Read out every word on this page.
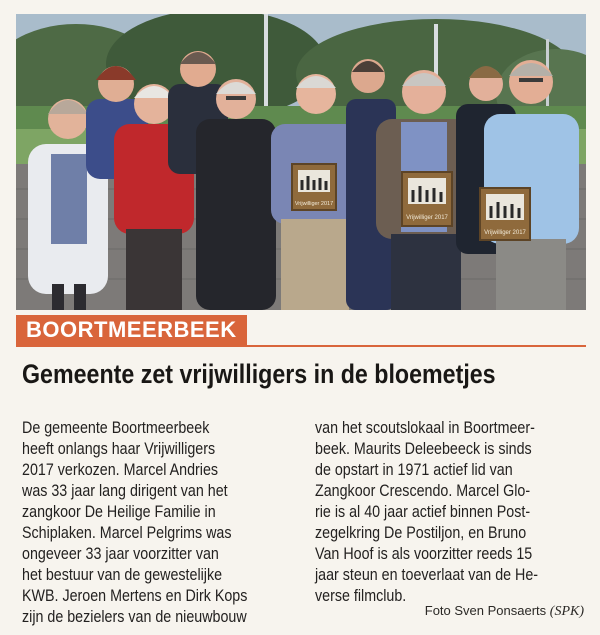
Vrijwilliger 2017
Vrijwilliger 2017
Vrijwilliger 2017
BOORTMEERBEEK
Gemeente zet vrijwilligers in de bloemetjes
De gemeente Boortmeerbeek
heeft onlangs haar Vrijwilligers
2017 verkozen. Marcel Andries
was 33 jaar lang dirigent van het
zangkoor De Heilige Familie in
Schiplaken. Marcel Pelgrims was
ongeveer 33 jaar voorzitter van
het bestuur van de gewestelijke
KWB. Jeroen Mertens en Dirk Kops
zijn de bezielers van de nieuwbouw
van het scoutslokaal in Boortmeer-
beek. Maurits Deleebeeck is sinds
de opstart in 1971 actief lid van
Zangkoor Crescendo. Marcel Glo-
rie is al 40 jaar actief binnen Post-
zegelkring De Postiljon, en Bruno
Van Hoof is als voorzitter reeds 15
jaar steun en toeverlaat van de He-
verse filmclub.
Foto Sven Ponsaerts (SPK)
